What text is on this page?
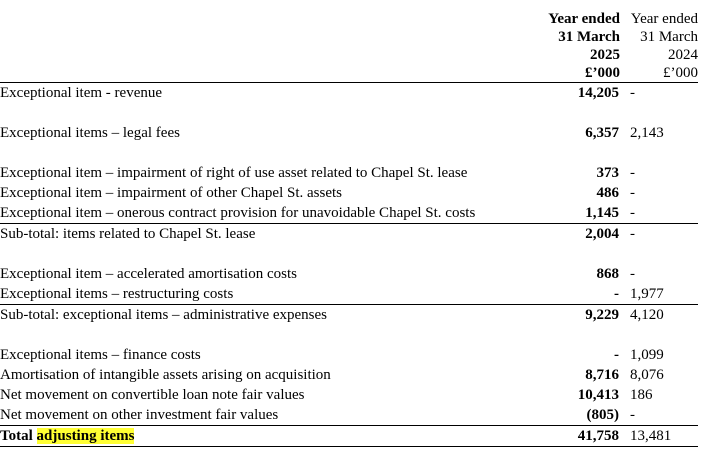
	Year ended	Year ended
	31 March	31 March
	2025	2024
	£’000	£’000
Exceptional item - revenue	14,205	-

Exceptional items – legal fees	6,357	2,143

Exceptional item – impairment of right of use asset related to Chapel St. lease	373	-
Exceptional item – impairment of other Chapel St. assets	486	-
Exceptional item – onerous contract provision for unavoidable Chapel St. costs	1,145	-
Sub-total: items related to Chapel St. lease	2,004	-

Exceptional item – accelerated amortisation costs	868	-
Exceptional items – restructuring costs	-	1,977
Sub-total: exceptional items – administrative expenses	9,229	4,120

Exceptional items – finance costs	-	1,099
Amortisation of intangible assets arising on acquisition	8,716	8,076
Net movement on convertible loan note fair values	10,413	186
Net movement on other investment fair values	(805)	-
Total adjusting items	41,758	13,481
